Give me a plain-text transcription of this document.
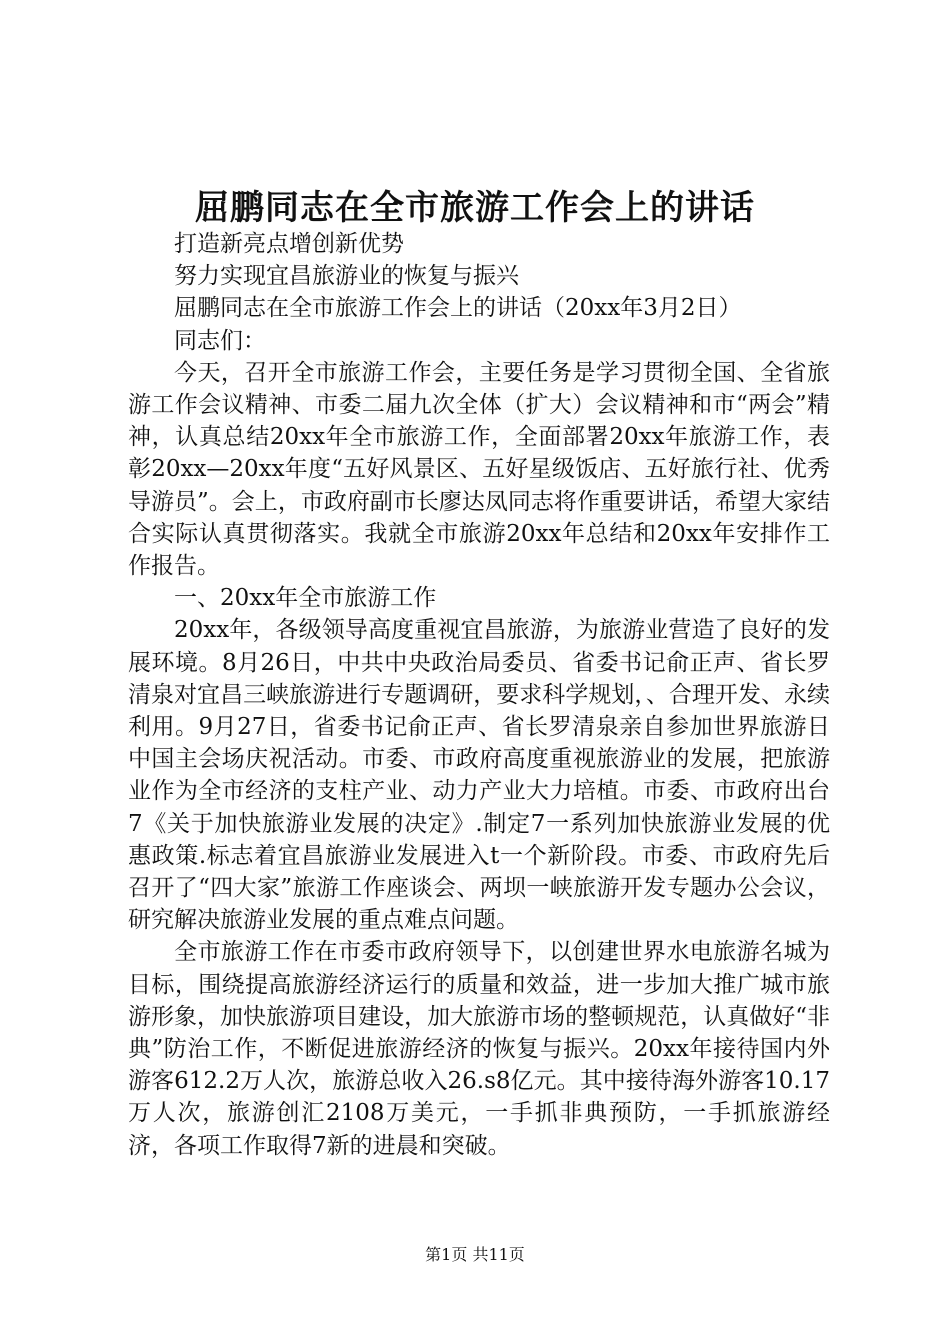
屈鹏同志在全市旅游工作会上的讲话

打造新亮点增创新优势

努力实现宜昌旅游业的恢复与振兴

屈鹏同志在全市旅游工作会上的讲话（20xx年3月2日）

同志们：

今天，召开全市旅游工作会，主要任务是学习贯彻全国、全省旅游工作会议精神、市委二届九次全体（扩大）会议精神和市“两会”精神，认真总结20xx年全市旅游工作，全面部署20xx年旅游工作，表彰20xx—20xx年度“五好风景区、五好星级饭店、五好旅行社、优秀导游员”。会上，市政府副市长廖达凤同志将作重要讲话，希望大家结合实际认真贯彻落实。我就全市旅游20xx年总结和20xx年安排作工作报告。

一、20xx年全市旅游工作

20xx年，各级领导高度重视宜昌旅游，为旅游业营造了良好的发展环境。8月26日，中共中央政治局委员、省委书记俞正声、省长罗清泉对宜昌三峡旅游进行专题调研，要求科学规划，、合理开发、永续利用。9月27日，省委书记俞正声、省长罗清泉亲自参加世界旅游日中国主会场庆祝活动。市委、市政府高度重视旅游业的发展，把旅游业作为全市经济的支柱产业、动力产业大力培植。市委、市政府出台7《关于加快旅游业发展的决定》.制定7一系列加快旅游业发展的优惠政策.标志着宜昌旅游业发展进入t一个新阶段。市委、市政府先后召开了“四大家”旅游工作座谈会、两坝一峡旅游开发专题办公会议，研究解决旅游业发展的重点难点问题。

全市旅游工作在市委市政府领导下，以创建世界水电旅游名城为目标，围绕提高旅游经济运行的质量和效益，进一步加大推广城市旅游形象，加快旅游项目建设，加大旅游市场的整顿规范，认真做好“非典”防治工作，不断促进旅游经济的恢复与振兴。20xx年接待国内外游客612.2万人次，旅游总收入26.s8亿元。其中接待海外游客10.17万人次，旅游创汇2108万美元，一手抓非典预防，一手抓旅游经济，各项工作取得7新的进晨和突破。

第1页 共11页
